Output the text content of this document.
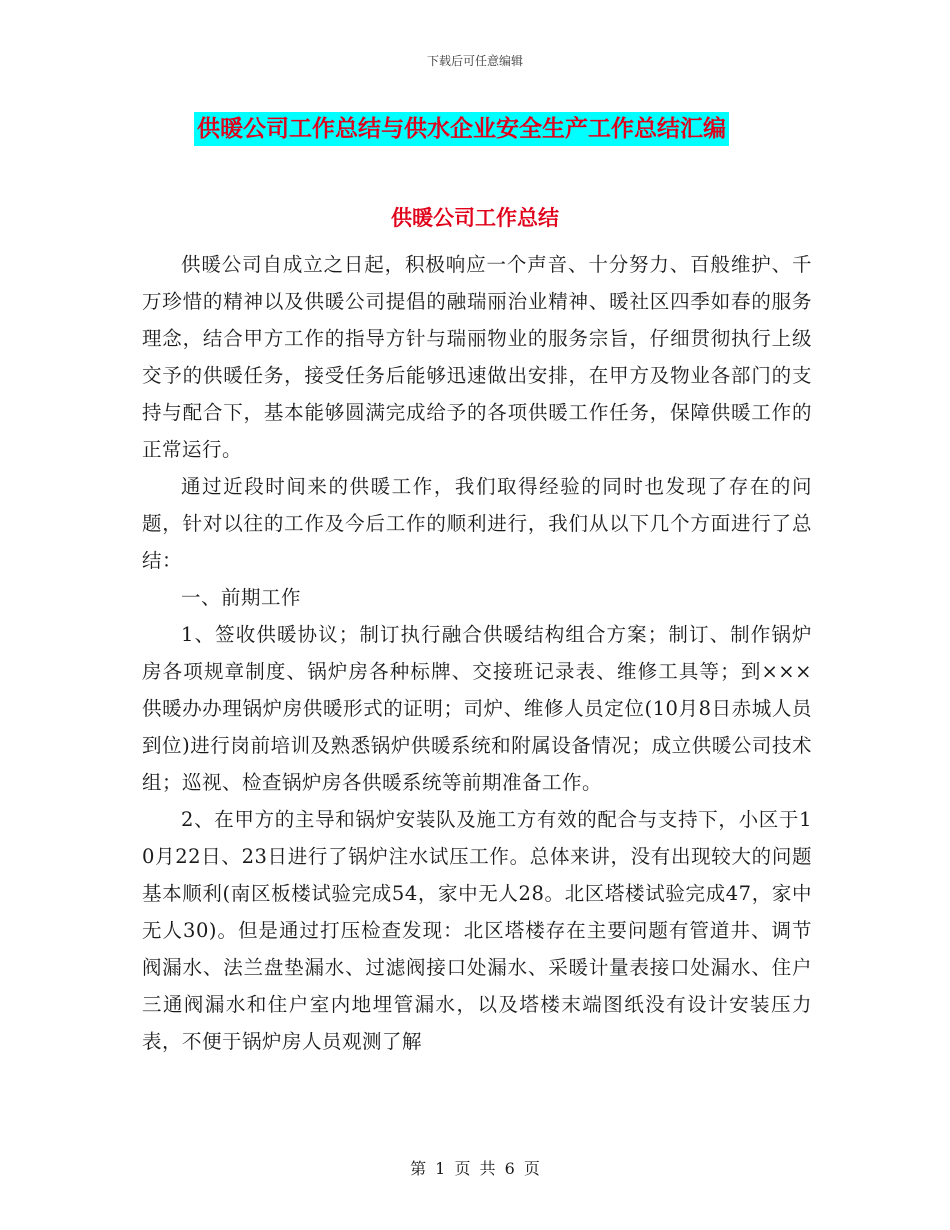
下载后可任意编辑
供暖公司工作总结与供水企业安全生产工作总结汇编
供暖公司工作总结

供暖公司自成立之日起，积极响应一个声音、十分努力、百般维护、千万珍惜的精神以及供暖公司提倡的融瑞丽治业精神、暖社区四季如春的服务理念，结合甲方工作的指导方针与瑞丽物业的服务宗旨，仔细贯彻执行上级交予的供暖任务，接受任务后能够迅速做出安排，在甲方及物业各部门的支持与配合下，基本能够圆满完成给予的各项供暖工作任务，保障供暖工作的正常运行。

通过近段时间来的供暖工作，我们取得经验的同时也发现了存在的问题，针对以往的工作及今后工作的顺利进行，我们从以下几个方面进行了总结：

一、前期工作

1、签收供暖协议；制订执行融合供暖结构组合方案；制订、制作锅炉房各项规章制度、锅炉房各种标牌、交接班记录表、维修工具等；到×××供暖办办理锅炉房供暖形式的证明；司炉、维修人员定位(10月8日赤城人员到位)进行岗前培训及熟悉锅炉供暖系统和附属设备情况；成立供暖公司技术组；巡视、检查锅炉房各供暖系统等前期准备工作。

2、在甲方的主导和锅炉安装队及施工方有效的配合与支持下，小区于10月22日、23日进行了锅炉注水试压工作。总体来讲，没有出现较大的问题基本顺利(南区板楼试验完成54，家中无人28。北区塔楼试验完成47，家中无人30)。但是通过打压检查发现：北区塔楼存在主要问题有管道井、调节阀漏水、法兰盘垫漏水、过滤阀接口处漏水、采暖计量表接口处漏水、住户三通阀漏水和住户室内地埋管漏水，以及塔楼末端图纸没有设计安装压力表，不便于锅炉房人员观测了解

第 1 页 共 6 页
